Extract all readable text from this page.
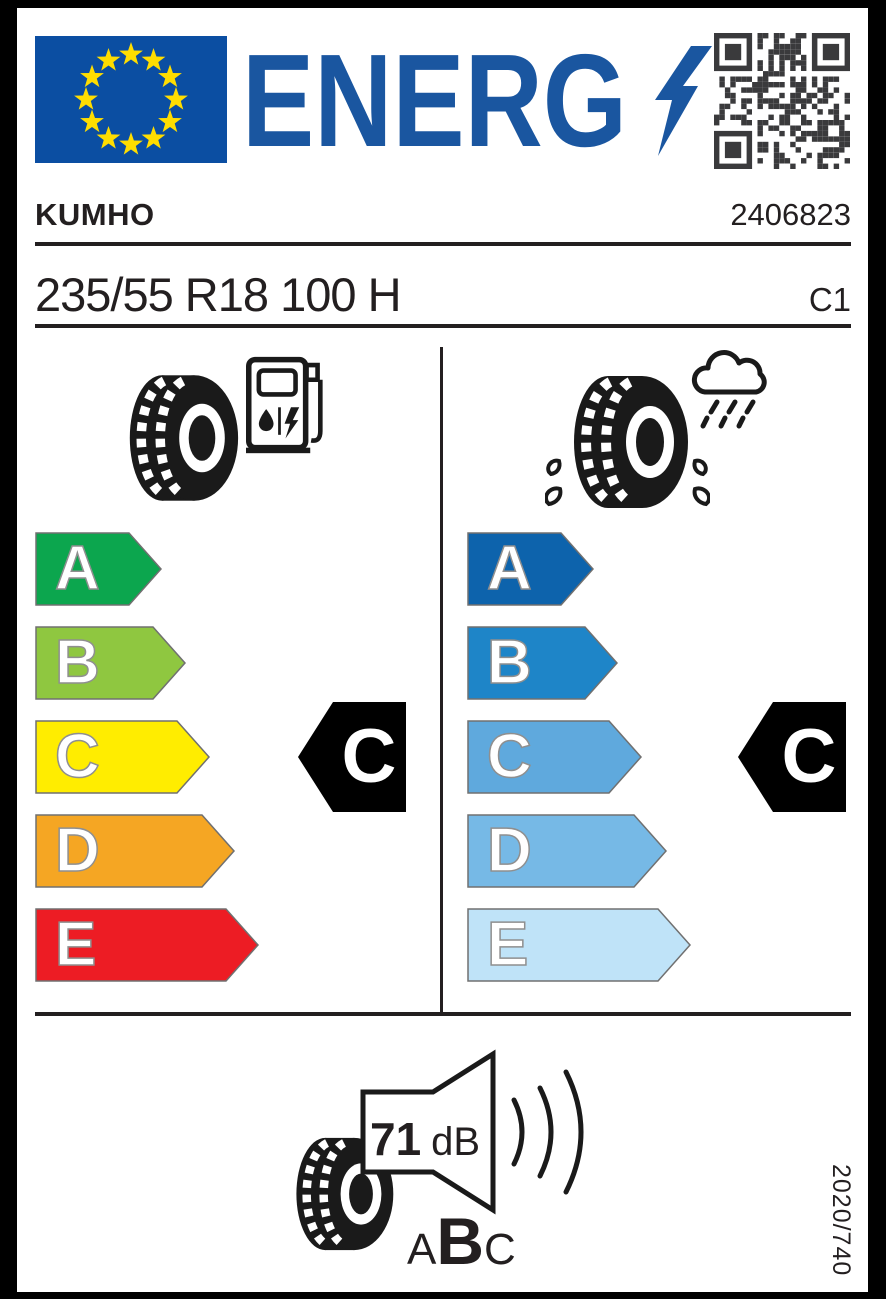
ENERG
KUMHO	2406823
235/55 R18 100 H	C1
A
B
C
D
E
A
B
C
D
E
C	C
71 dB
A B C	2020/740
